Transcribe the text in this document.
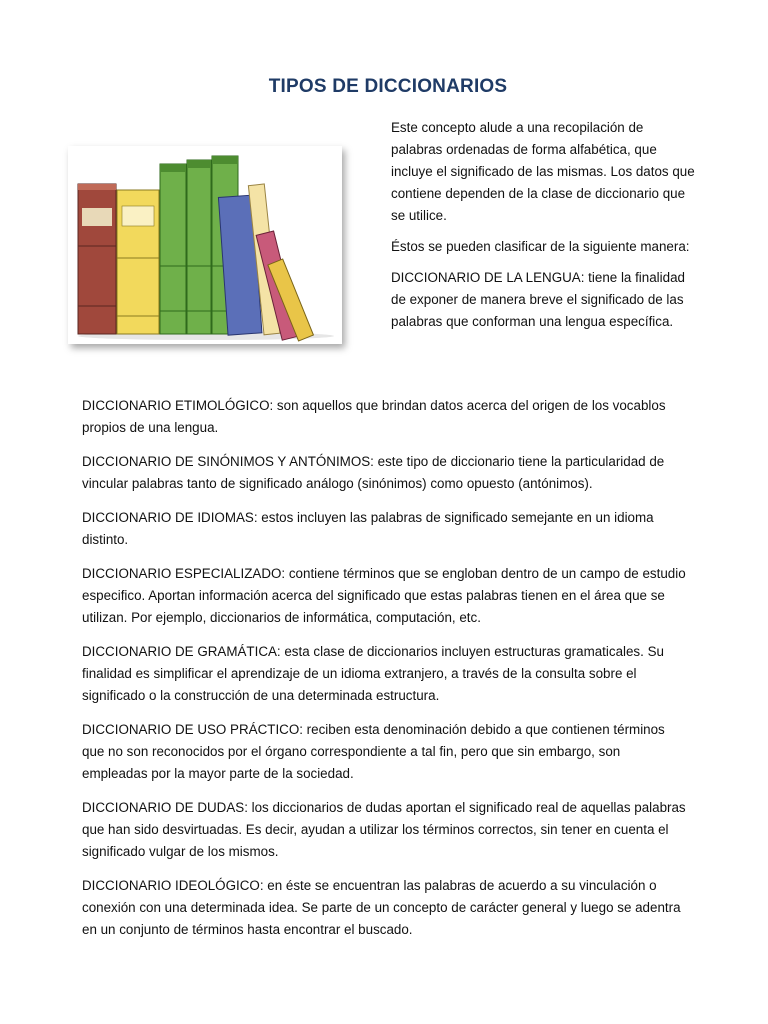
TIPOS DE DICCIONARIOS

Este concepto alude a una recopilación de palabras ordenadas de forma alfabética, que incluye el significado de las mismas. Los datos que contiene dependen de la clase de diccionario que se utilice.

Éstos se pueden clasificar de la siguiente manera:

DICCIONARIO DE LA LENGUA: tiene la finalidad de exponer de manera breve el significado de las palabras que conforman una lengua específica.

DICCIONARIO ETIMOLÓGICO: son aquellos que brindan datos acerca del origen de los vocablos propios de una lengua.

DICCIONARIO DE SINÓNIMOS Y ANTÓNIMOS: este tipo de diccionario tiene la particularidad de vincular palabras tanto de significado análogo (sinónimos) como opuesto (antónimos).

DICCIONARIO DE IDIOMAS: estos incluyen las palabras de significado semejante en un idioma distinto.

DICCIONARIO ESPECIALIZADO: contiene términos que se engloban dentro de un campo de estudio especifico. Aportan información acerca del significado que estas palabras tienen en el área que se utilizan. Por ejemplo, diccionarios de informática, computación, etc.

DICCIONARIO DE GRAMÁTICA: esta clase de diccionarios incluyen estructuras gramaticales. Su finalidad es simplificar el aprendizaje de un idioma extranjero, a través de la consulta sobre el significado o la construcción de una determinada estructura.

DICCIONARIO DE USO PRÁCTICO: reciben esta denominación debido a que contienen términos que no son reconocidos por el órgano correspondiente a tal fin, pero que sin embargo, son empleadas por la mayor parte de la sociedad.

DICCIONARIO DE DUDAS: los diccionarios de dudas aportan el significado real de aquellas palabras que han sido desvirtuadas. Es decir, ayudan a utilizar los términos correctos, sin tener en cuenta el significado vulgar de los mismos.

DICCIONARIO IDEOLÓGICO: en éste se encuentran las palabras de acuerdo a su vinculación o conexión con una determinada idea. Se parte de un concepto de carácter general y luego se adentra en un conjunto de términos hasta encontrar el buscado.
